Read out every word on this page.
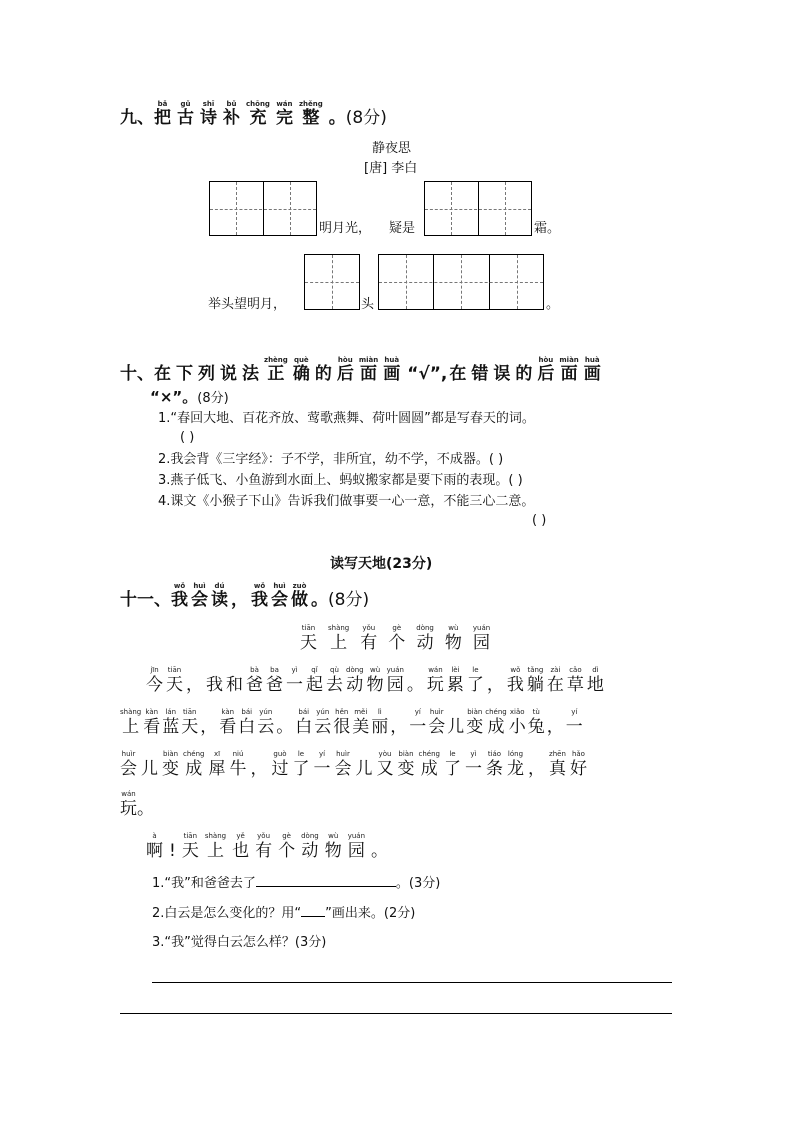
九、
bǎ
把
gǔ
古
shī
诗
bǔ
补
chōng
充
wán
完
zhěng
整 。(8分)
静夜思
[唐] 李白
明月光， 疑是	霜。
举头望明月，	头	。
十、 在 下 列 说 法
zhèng
正
què
确 的
hòu
后
miàn
面
huà
画 “√”, 在 错 误 的
hòu
后
miàn
面
huà
画
“×”。(8分)
1.“春回大地、百花齐放、莺歌燕舞、荷叶圆圆”都是写春天的词。
( )
2.我会背《三字经》：子不学，非所宜，幼不学，不成器。( )
3.燕子低飞、小鱼游到水面上、蚂蚁搬家都是要下雨的表现。( )
4.课文《小猴子下山》告诉我们做事要一心一意，不能三心二意。
( )
读写天地(23分)
十一、
wǒ
我
huì
会
dú
读 ，
wǒ
我
huì
会
zuò
做 。(8分)
tiān
天
shàng
上
yǒu
有
gè
个
dòng
动
wù
物
yuán
园
jīn
今
tiān
天 ， 我 和
bà
爸
ba
爸
yì
一
qǐ
起
qù
去
dòng
动
wù
物
yuán
园 。
wán
玩
lèi
累
le
了 ，
wǒ
我
tǎng
躺
zài
在
cǎo
草
dì
地
shàng
上
kàn
看
lán
蓝
tiān
天 ，
kàn
看
bái
白
yún
云 。
bái
白
yún
云
hěn
很
měi
美
lì
丽 ，
yí
一
huìr
会 儿
biàn
变
chéng
成
xiǎo
小
tù
兔 ，
yí
一
huìr
会 儿
biàn
变
chéng
成
xī
犀
niú
牛 ，
guò
过
le
了
yí
一
huìr
会 儿
yòu
又
biàn
变
chéng
成
le
了
yì
一
tiáo
条
lóng
龙 ，
zhēn
真
hǎo
好
wán
玩 。
à
啊 !
tiān
天
shàng
上
yě
也
yǒu
有
gè
个
dòng
动
wù
物
yuán
园 。
1.“我”和爸爸去了	。(3分)
2.白云是怎么变化的？用“ ”画出来。(2分)
3.“我”觉得白云怎么样？(3分)
